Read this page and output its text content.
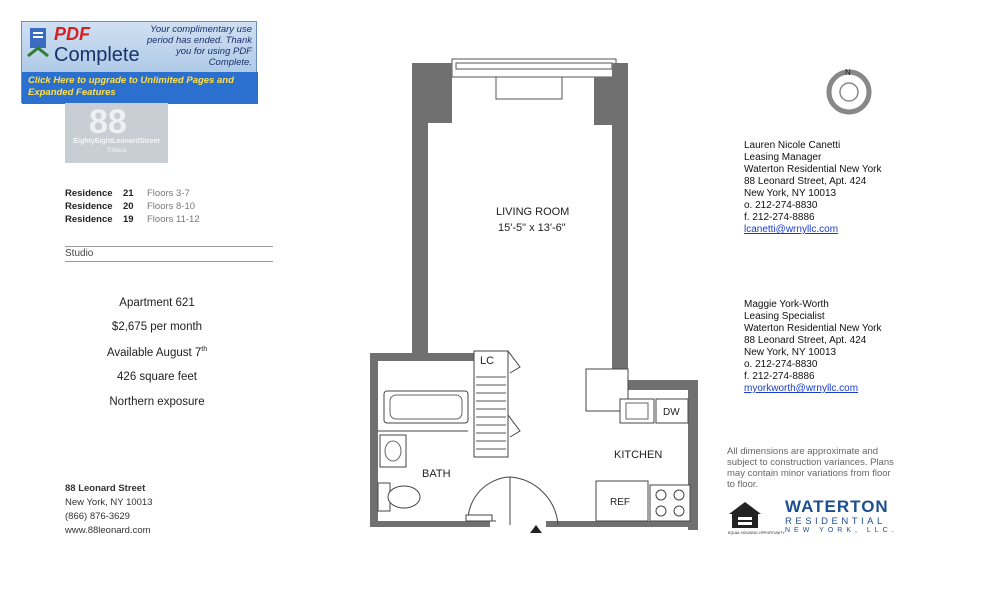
PDF
Complete
Your complimentary use period has ended. Thank you for using PDF Complete.
Click Here to upgrade to Unlimited Pages and Expanded Features
88
EightyEightLeonardStreet
Tribeca
Residence 21 Floors 3-7
Residence 20 Floors 8-10
Residence 19 Floors 11-12
Studio
Apartment 621
$2,675 per month
Available August 7th
426 square feet
Northern exposure
88 Leonard Street
New York, NY 10013
(866) 876-3629
www.88leonard.com
LC
BATH
DW
KITCHEN
REF
LIVING ROOM
15'-5" x 13'-6"
N
Lauren Nicole Canetti
Leasing Manager
Waterton Residential New York
88 Leonard Street, Apt. 424
New York, NY 10013
o. 212-274-8830
f. 212-274-8886
lcanetti@wrnyllc.com
Maggie York-Worth
Leasing Specialist
Waterton Residential New York
88 Leonard Street, Apt. 424
New York, NY 10013
o. 212-274-8830
f. 212-274-8886
myorkworth@wrnyllc.com
All dimensions are approximate and subject to construction variances. Plans may contain minor variations from floor to floor.
EQUAL HOUSING OPPORTUNITY
WATERTON
RESIDENTIAL
NEW YORK, LLC.
